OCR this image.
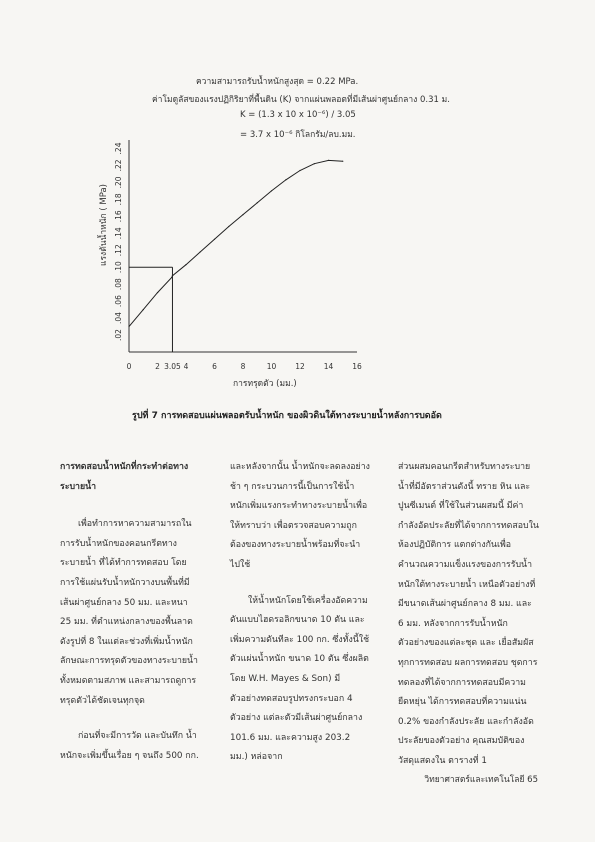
ความสามารถรับน้ำหนักสูงสุด = 0.22 MPa.
ค่าโมดูลัสของแรงปฏิกิริยาที่พื้นดิน (K) จากแผ่นพลอตที่มีเส้นผ่าศูนย์กลาง 0.31 ม.
K = (1.3 x 10 x 10⁻⁶) / 3.05
= 3.7 x 10⁻⁶ กิโลกรัม/ลบ.มม.
.02
.04
.06
.08
.10
.12
.14
.16
.18
.20
.22
.24
0	2 3.05 4	6	8	10	12	14	16
แรงดันน้ำหนัก ( MPa)
การทรุดตัว (มม.)
รูปที่ 7 การทดสอบแผ่นพลอตรับน้ำหนัก ของผิวดินใต้ทางระบายน้ำหลังการบดอัด

การทดสอบน้ำหนักที่กระทำต่อทางระบายน้ำ

เพื่อทำการหาความสามารถในการรับน้ำหนักของคอนกรีตทางระบายน้ำ ที่ได้ทำการทดสอบ โดยการใช้แผ่นรับน้ำหนักวางบนพื้นที่มีเส้นผ่าศูนย์กลาง 50 มม. และหนา 25 มม. ที่ตำแหน่งกลางของพื้นลาด ดังรูปที่ 8 ในแต่ละช่วงที่เพิ่มน้ำหนัก ลักษณะการทรุดตัวของทางระบายน้ำทั้งหมดตามสภาพ และสามารถดูการทรุดตัวได้ชัดเจนทุกจุด

ก่อนที่จะมีการวัด และบันทึก น้ำหนักจะเพิ่มขึ้นเรื่อย ๆ จนถึง 500 กก.

และหลังจากนั้น น้ำหนักจะลดลงอย่างช้า ๆ กระบวนการนี้เป็นการใช้น้ำหนักเพิ่มแรงกระทำทางระบายน้ำเพื่อให้ทราบว่า เพื่อตรวจสอบความถูกต้องของทางระบายน้ำพร้อมที่จะนำไปใช้

ให้น้ำหนักโดยใช้เครื่องอัดความดันแบบไฮดรอลิกขนาด 10 ตัน และเพิ่มความดันทีละ 100 กก. ซึ่งทั้งนี้ใช้ตัวแผ่นน้ำหนัก ขนาด 10 ตัน ซึ่งผลิตโดย W.H. Mayes & Son) มีตัวอย่างทดสอบรูปทรงกระบอก 4 ตัวอย่าง แต่ละตัวมีเส้นผ่าศูนย์กลาง 101.6 มม. และความสูง 203.2 มม.) หล่อจาก

ส่วนผสมคอนกรีตสำหรับทางระบายน้ำที่มีอัตราส่วนดังนี้ ทราย หิน และปูนซีเมนต์ ที่ใช้ในส่วนผสมนี้ มีค่ากำลังอัดประลัยที่ได้จากการทดสอบในห้องปฏิบัติการ แตกต่างกันเพื่อคำนวณความแข็งแรงของการรับน้ำหนักใต้ทางระบายน้ำ เหนือตัวอย่างที่มีขนาดเส้นผ่าศูนย์กลาง 8 มม. และ 6 มม. หลังจากการรับน้ำหนัก ตัวอย่างของแต่ละชุด และ เยื่อสัมผัสทุกการทดสอบ ผลการทดสอบ ชุดการทดลองที่ได้จากการทดสอบมีความยืดหยุ่น ได้การทดสอบที่ความแน่น 0.2% ของกำลังประลัย และกำลังอัดประลัยของตัวอย่าง คุณสมบัติของวัสดุแสดงใน ตารางที่ 1

วิทยาศาสตร์และเทคโนโลยี 65
